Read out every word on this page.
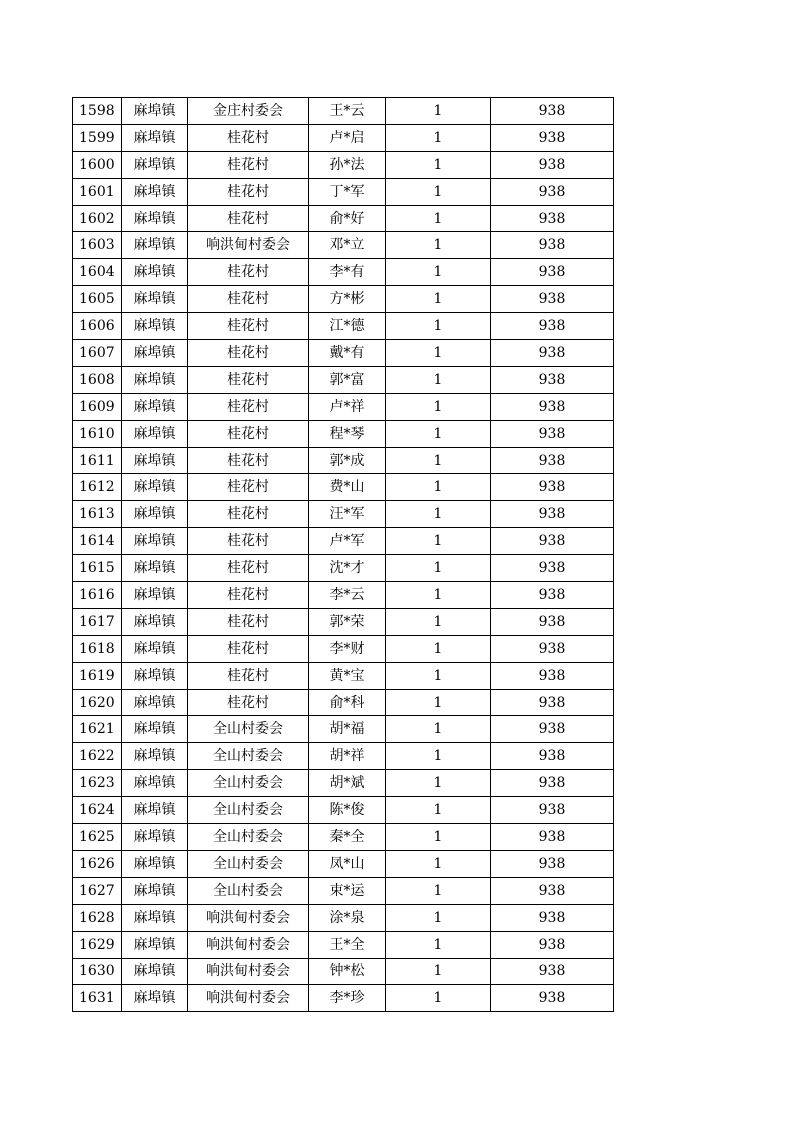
1598	麻埠镇	金庄村委会	王*云	1	938
1599	麻埠镇	桂花村	卢*启	1	938
1600	麻埠镇	桂花村	孙*法	1	938
1601	麻埠镇	桂花村	丁*军	1	938
1602	麻埠镇	桂花村	俞*好	1	938
1603	麻埠镇	响洪甸村委会	邓*立	1	938
1604	麻埠镇	桂花村	李*有	1	938
1605	麻埠镇	桂花村	方*彬	1	938
1606	麻埠镇	桂花村	江*德	1	938
1607	麻埠镇	桂花村	戴*有	1	938
1608	麻埠镇	桂花村	郭*富	1	938
1609	麻埠镇	桂花村	卢*祥	1	938
1610	麻埠镇	桂花村	程*琴	1	938
1611	麻埠镇	桂花村	郭*成	1	938
1612	麻埠镇	桂花村	费*山	1	938
1613	麻埠镇	桂花村	汪*军	1	938
1614	麻埠镇	桂花村	卢*军	1	938
1615	麻埠镇	桂花村	沈*才	1	938
1616	麻埠镇	桂花村	李*云	1	938
1617	麻埠镇	桂花村	郭*荣	1	938
1618	麻埠镇	桂花村	李*财	1	938
1619	麻埠镇	桂花村	黄*宝	1	938
1620	麻埠镇	桂花村	俞*科	1	938
1621	麻埠镇	全山村委会	胡*福	1	938
1622	麻埠镇	全山村委会	胡*祥	1	938
1623	麻埠镇	全山村委会	胡*斌	1	938
1624	麻埠镇	全山村委会	陈*俊	1	938
1625	麻埠镇	全山村委会	秦*全	1	938
1626	麻埠镇	全山村委会	凤*山	1	938
1627	麻埠镇	全山村委会	束*运	1	938
1628	麻埠镇	响洪甸村委会	涂*泉	1	938
1629	麻埠镇	响洪甸村委会	王*全	1	938
1630	麻埠镇	响洪甸村委会	钟*松	1	938
1631	麻埠镇	响洪甸村委会	李*珍	1	938
